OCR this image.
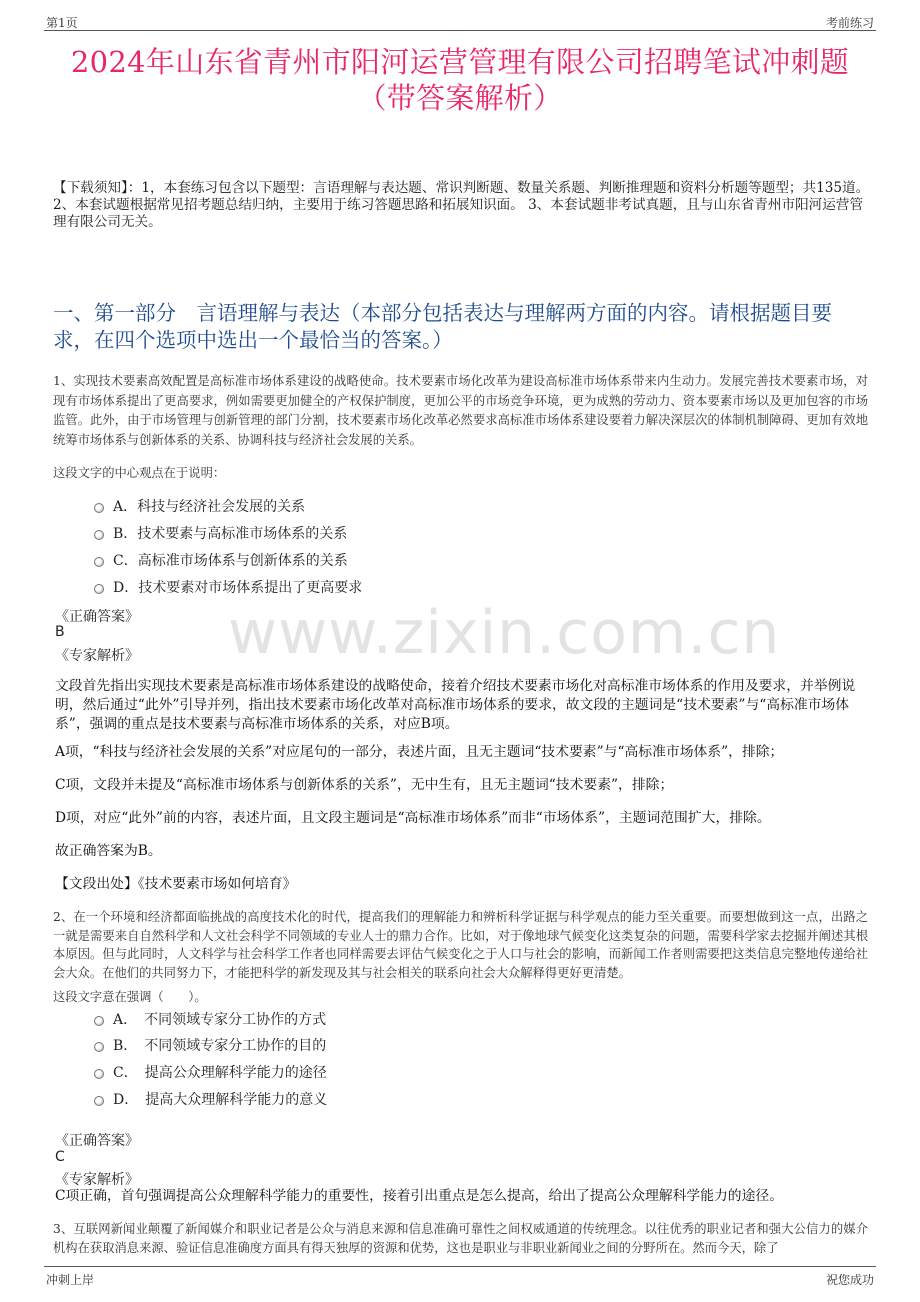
第1页	考前练习
2024年山东省青州市阳河运营管理有限公司招聘笔试冲刺题
（带答案解析）
【下载须知】：1，本套练习包含以下题型：言语理解与表达题、常识判断题、数量关系题、判断推理题和资料分析题等题型；共135道。 2、本套试题根据常见招考题总结归纳，主要用于练习答题思路和拓展知识面。 3、本套试题非考试真题，且与山东省青州市阳河运营管理有限公司无关。
一、第一部分　言语理解与表达（本部分包括表达与理解两方面的内容。请根据题目要求，在四个选项中选出一个最恰当的答案。）
1、实现技术要素高效配置是高标准市场体系建设的战略使命。技术要素市场化改革为建设高标准市场体系带来内生动力。发展完善技术要素市场，对现有市场体系提出了更高要求，例如需要更加健全的产权保护制度，更加公平的市场竞争环境，更为成熟的劳动力、资本要素市场以及更加包容的市场监管。此外，由于市场管理与创新管理的部门分割，技术要素市场化改革必然要求高标准市场体系建设要着力解决深层次的体制机制障碍、更加有效地统筹市场体系与创新体系的关系、协调科技与经济社会发展的关系。
这段文字的中心观点在于说明：
A．科技与经济社会发展的关系
B．技术要素与高标准市场体系的关系
C．高标准市场体系与创新体系的关系
D．技术要素对市场体系提出了更高要求
《正确答案》
B
《专家解析》 www.zixin.com.cn
文段首先指出实现技术要素是高标准市场体系建设的战略使命，接着介绍技术要素市场化对高标准市场体系的作用及要求，并举例说明，然后通过“此外”引导并列，指出技术要素市场化改革对高标准市场体系的要求，故文段的主题词是“技术要素”与“高标准市场体系”，强调的重点是技术要素与高标准市场体系的关系，对应B项。
A项，“科技与经济社会发展的关系”对应尾句的一部分，表述片面，且无主题词“技术要素”与“高标准市场体系”，排除；
C项，文段并未提及“高标准市场体系与创新体系的关系”，无中生有，且无主题词“技术要素”，排除；
D项，对应“此外”前的内容，表述片面，且文段主题词是“高标准市场体系”而非“市场体系”，主题词范围扩大，排除。
故正确答案为B。
【文段出处】《技术要素市场如何培育》
2、在一个环境和经济都面临挑战的高度技术化的时代，提高我们的理解能力和辨析科学证据与科学观点的能力至关重要。而要想做到这一点，出路之一就是需要来自自然科学和人文社会科学不同领域的专业人士的鼎力合作。比如，对于像地球气候变化这类复杂的问题，需要科学家去挖掘并阐述其根本原因。但与此同时，人文科学与社会科学工作者也同样需要去评估气候变化之于人口与社会的影响，而新闻工作者则需要把这类信息完整地传递给社会大众。在他们的共同努力下，才能把科学的新发现及其与社会相关的联系向社会大众解释得更好更清楚。
这段文字意在强调（　　）。
A．　不同领域专家分工协作的方式
B．　不同领域专家分工协作的目的
C．　提高公众理解科学能力的途径
D．　提高大众理解科学能力的意义
《正确答案》
C
《专家解析》
C项正确，首句强调提高公众理解科学能力的重要性，接着引出重点是怎么提高，给出了提高公众理解科学能力的途径。
3、互联网新闻业颠覆了新闻媒介和职业记者是公众与消息来源和信息准确可靠性之间权威通道的传统理念。以往优秀的职业记者和强大公信力的媒介机构在获取消息来源、验证信息准确度方面具有得天独厚的资源和优势，这也是职业与非职业新闻业之间的分野所在。然而今天，除了
冲刺上岸	祝您成功
